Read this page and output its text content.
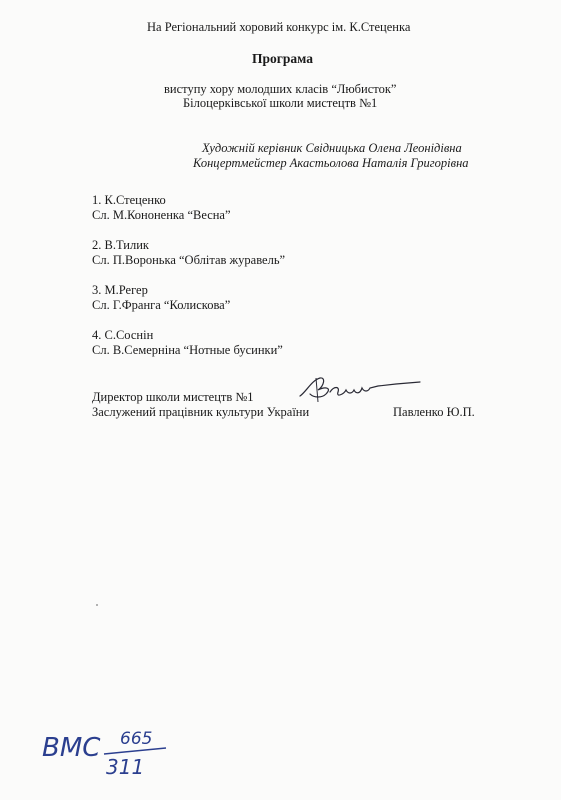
На Регіональний хоровий конкурс ім. К.Стеценка
Програма
виступу хору молодших класів “Любисток”
Білоцерківської школи мистецтв №1
Художній керівник Свідницька Олена Леонідівна
Концертмейстер Акастьолова Наталія Григорівна
1. К.Стеценко
Сл. М.Кононенка “Весна”
2. В.Тилик
Сл. П.Вороньк​а “Облітав журавель”
3. М.Регер
Сл. Г.Франга “Колискова”
4. С.Соснін
Сл. В.Семерніна “Нотные бусинки”
Директор школи мистецтв №1
Заслужений працівник культури України	Павленко Ю.П.
ВМС 665
311
